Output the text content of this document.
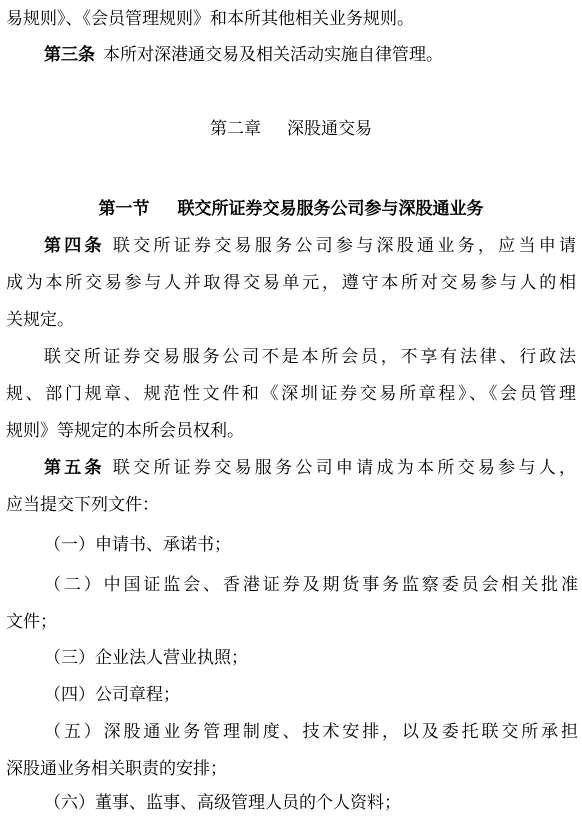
易规则》、《会员管理规则》和本所其他相关业务规则。
第三条 本所对深港通交易及相关活动实施自律管理。
第二章 深股通交易
第一节 联交所证券交易服务公司参与深股通业务
第四条 联交所证券交易服务公司参与深股通业务，应当申请
成为本所交易参与人并取得交易单元，遵守本所对交易参与人的相
关规定。
联交所证券交易服务公司不是本所会员，不享有法律、行政法
规、部门规章、规范性文件和《深圳证券交易所章程》、《会员管理
规则》等规定的本所会员权利。
第五条 联交所证券交易服务公司申请成为本所交易参与人，
应当提交下列文件：
（一）申请书、承诺书；
（二）中国证监会、香港证券及期货事务监察委员会相关批准
文件；
（三）企业法人营业执照；
（四）公司章程；
（五）深股通业务管理制度、技术安排，以及委托联交所承担
深股通业务相关职责的安排；
（六）董事、监事、高级管理人员的个人资料；
